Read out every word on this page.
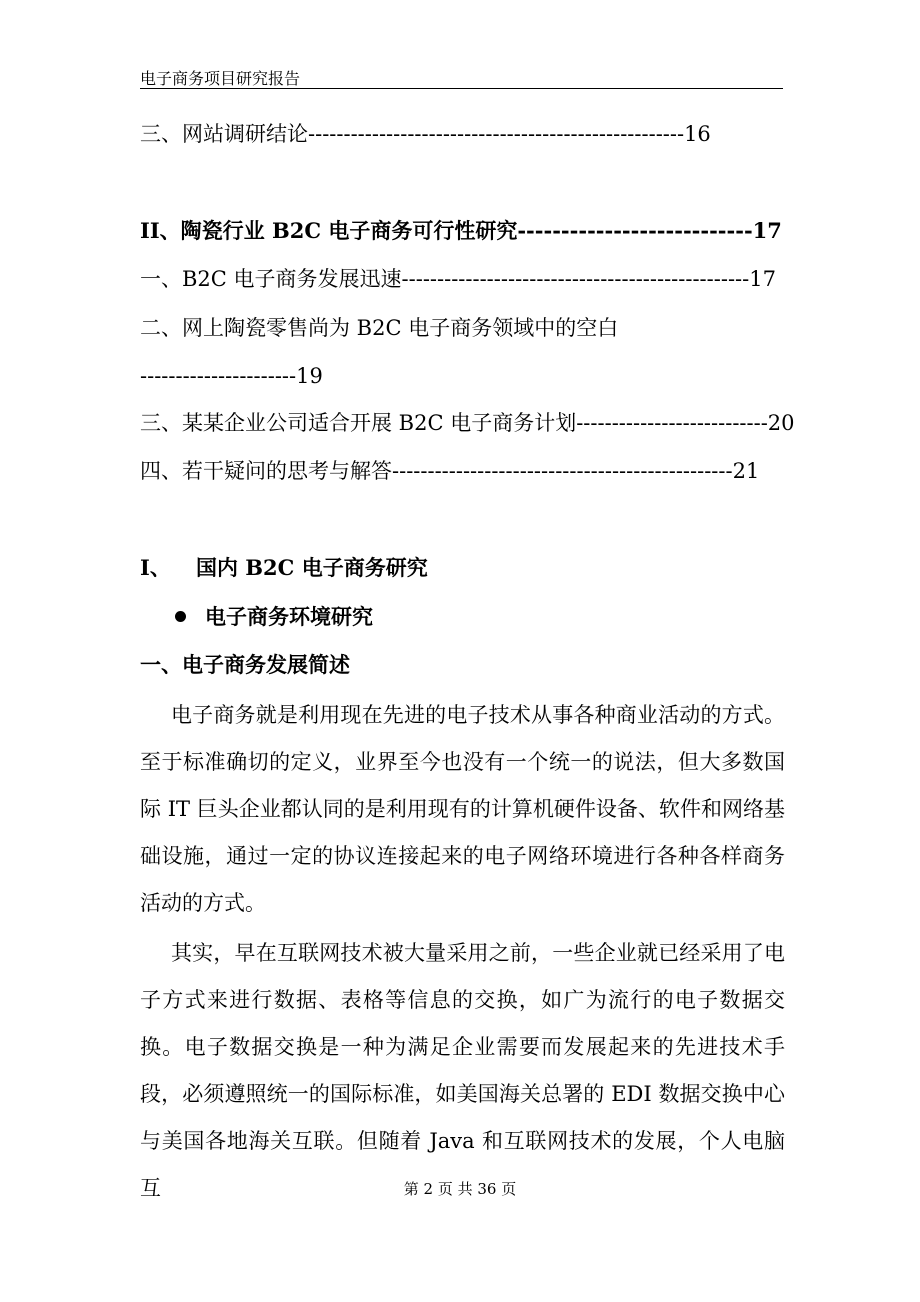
电子商务项目研究报告
三、网站调研结论-----------------------------------------------------16
II、陶瓷行业 B2C 电子商务可行性研究---------------------------17
一、B2C 电子商务发展迅速-------------------------------------------------17
二、网上陶瓷零售尚为 B2C 电子商务领域中的空白
----------------------19
三、某某企业公司适合开展 B2C 电子商务计划---------------------------20
四、若干疑问的思考与解答------------------------------------------------21
I、 国内 B2C 电子商务研究
电子商务环境研究
一、电子商务发展简述
电子商务就是利用现在先进的电子技术从事各种商业活动的方式。至于标准确切的定义，业界至今也没有一个统一的说法，但大多数国际 IT 巨头企业都认同的是利用现有的计算机硬件设备、软件和网络基础设施，通过一定的协议连接起来的电子网络环境进行各种各样商务活动的方式。
其实，早在互联网技术被大量采用之前，一些企业就已经采用了电子方式来进行数据、表格等信息的交换，如广为流行的电子数据交换。电子数据交换是一种为满足企业需要而发展起来的先进技术手段，必须遵照统一的国际标准，如美国海关总署的 EDI 数据交换中心与美国各地海关互联。但随着 Java 和互联网技术的发展，个人电脑互	第 2 页 共 36 页
